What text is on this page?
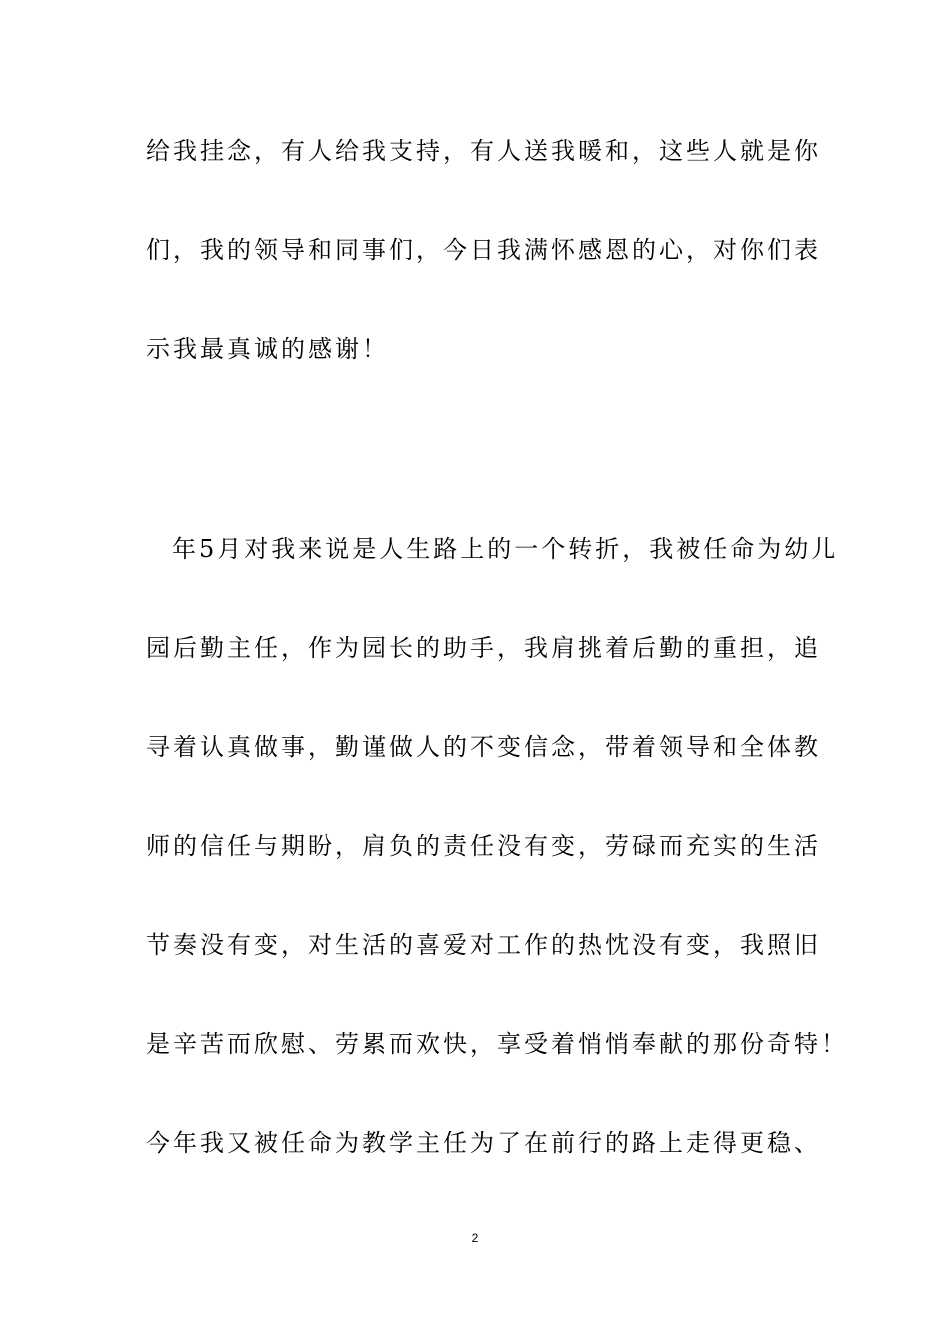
给我挂念，有人给我支持，有人送我暖和，这些人就是你
们，我的领导和同事们，今日我满怀感恩的心，对你们表
示我最真诚的感谢！
年5月对我来说是人生路上的一个转折，我被任命为幼儿
园后勤主任，作为园长的助手，我肩挑着后勤的重担，追
寻着认真做事，勤谨做人的不变信念，带着领导和全体教
师的信任与期盼，肩负的责任没有变，劳碌而充实的生活
节奏没有变，对生活的喜爱对工作的热忱没有变，我照旧
是辛苦而欣慰、劳累而欢快，享受着悄悄奉献的那份奇特！
今年我又被任命为教学主任为了在前行的路上走得更稳、
2
